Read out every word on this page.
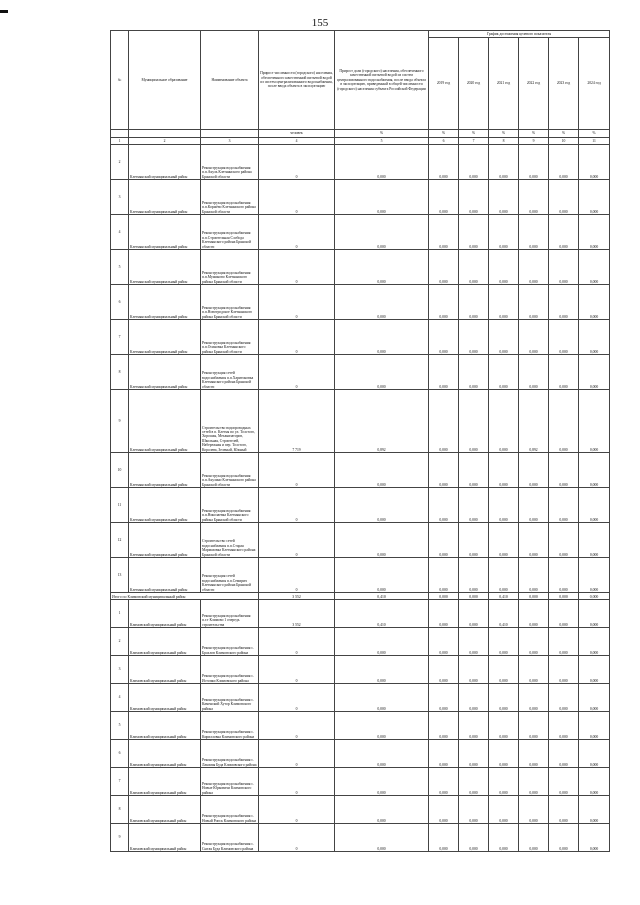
155
№	Муниципальное образование	Наименование объекта	Прирост численности (городского) населения, обеспеченного качественной питьевой водой из систем централизованного водоснабжения, после ввода объекта в эксплуатацию	Прирост доли (городского) населения, обеспеченного качественной питьевой водой из систем централизованного водоснабжения, после ввода объекта в эксплуатацию, приведенный в общей численности (городского) населения субъекта Российской Федерации	График достижения целевого показателя					
					2019 год	2020 год	2021 год	2022 год	2023 год	2024 год
			человек	%	%	%	%	%	%	%
1	2	3	4	5	6	7	8	9	10	11
2	Клетнянский муниципальный район	Реконструкция водоснабжения п.п.Акуль Клетнянского района Брянской области	0	0,000	0,000	0,000	0,000	0,000	0,000	0,000
3	Клетнянский муниципальный район	Реконструкция водоснабжения п.п.Коржёво Клетнянского района Брянской области	0	0,000	0,000	0,000	0,000	0,000	0,000	0,000
4	Клетнянский муниципальный район	Реконструкция водоснабжения п.п.Строительная Слобода Клетнянского района Брянской области	0	0,000	0,000	0,000	0,000	0,000	0,000	0,000
5	Клетнянский муниципальный район	Реконструкция водоснабжения п.п.Мужиново Клетнянского района Брянской области	0	0,000	0,000	0,000	0,000	0,000	0,000	0,000
6	Клетнянский муниципальный район	Реконструкция водоснабжения п.п.Новотродское Клетнянского района Брянской области	0	0,000	0,000	0,000	0,000	0,000	0,000	0,000
7	Клетнянский муниципальный район	Реконструкция водоснабжения п.п.Осиновка Клетнянского района Брянской области	0	0,000	0,000	0,000	0,000	0,000	0,000	0,000
8	Клетнянский муниципальный район	Реконструкция сетей водоснабжения п.п.Харитоновка Клетнянского района Брянской области	0	0,000	0,000	0,000	0,000	0,000	0,000	0,000
9	Клетнянский муниципальный район	Строительство водопроводных сетей в п. Клетня по ул. Толстого, Хорошая, Механизаторов, Школьная, Строителей, Набережная и пер. Толстого, Королева, Зеленый, Южный	7 719	0,892	0,000	0,000	0,000	0,892	0,000	0,000
10	Клетнянский муниципальный район	Реконструкция водоснабжения п.п.Акулино Клетнянского района Брянской области	0	0,000	0,000	0,000	0,000	0,000	0,000	0,000
11	Клетнянский муниципальный район	Реконструкция водоснабжения п.п.Николаевка Клетнянского района Брянской области	0	0,000	0,000	0,000	0,000	0,000	0,000	0,000
12	Клетнянский муниципальный район	Строительство сетей водоснабжения п.п.Старая Мармазовка Клетнянского района Брянской области	0	0,000	0,000	0,000	0,000	0,000	0,000	0,000
13	Клетнянский муниципальный район	Реконструкция сетей водоснабжения п.п.Семирич Клетнянского района Брянской области	0	0,000	0,000	0,000	0,000	0,000	0,000	0,000
Итого по Климовский муниципальный район			3 552	0,410	0,000	0,000	0,410	0,000	0,000	0,000
1	Климовский муниципальный район	Реконструкция водоснабжения п.г.т Климово 1 очередь строительства	3 552	0,410	0,000	0,000	0,410	0,000	0,000	0,000
2	Климовский муниципальный район	Реконструкция водоснабжения с. Брахлов Климовского района	0	0,000	0,000	0,000	0,000	0,000	0,000	0,000
3	Климовский муниципальный район	Реконструкция водоснабжения с. Истопки Климовского района	0	0,000	0,000	0,000	0,000	0,000	0,000	0,000
4	Климовский муниципальный район	Реконструкция водоснабжения с. Каменский Хутор Климовского района	0	0,000	0,000	0,000	0,000	0,000	0,000	0,000
5	Климовский муниципальный район	Реконструкция водоснабжения с. Кирилловка Климовского района	0	0,000	0,000	0,000	0,000	0,000	0,000	0,000
6	Климовский муниципальный район	Реконструкция водоснабжения с. Лакомая Буда Климовского района	0	0,000	0,000	0,000	0,000	0,000	0,000	0,000
7	Климовский муниципальный район	Реконструкция водоснабжения с. Новые Юрковичи Климовского района	0	0,000	0,000	0,000	0,000	0,000	0,000	0,000
8	Климовский муниципальный район	Реконструкция водоснабжения с. Новый Ропск Климовского района	0	0,000	0,000	0,000	0,000	0,000	0,000	0,000
9	Климовский муниципальный район	Реконструкция водоснабжения с. Сытая Буда Климовского района	0	0,000	0,000	0,000	0,000	0,000	0,000	0,000
